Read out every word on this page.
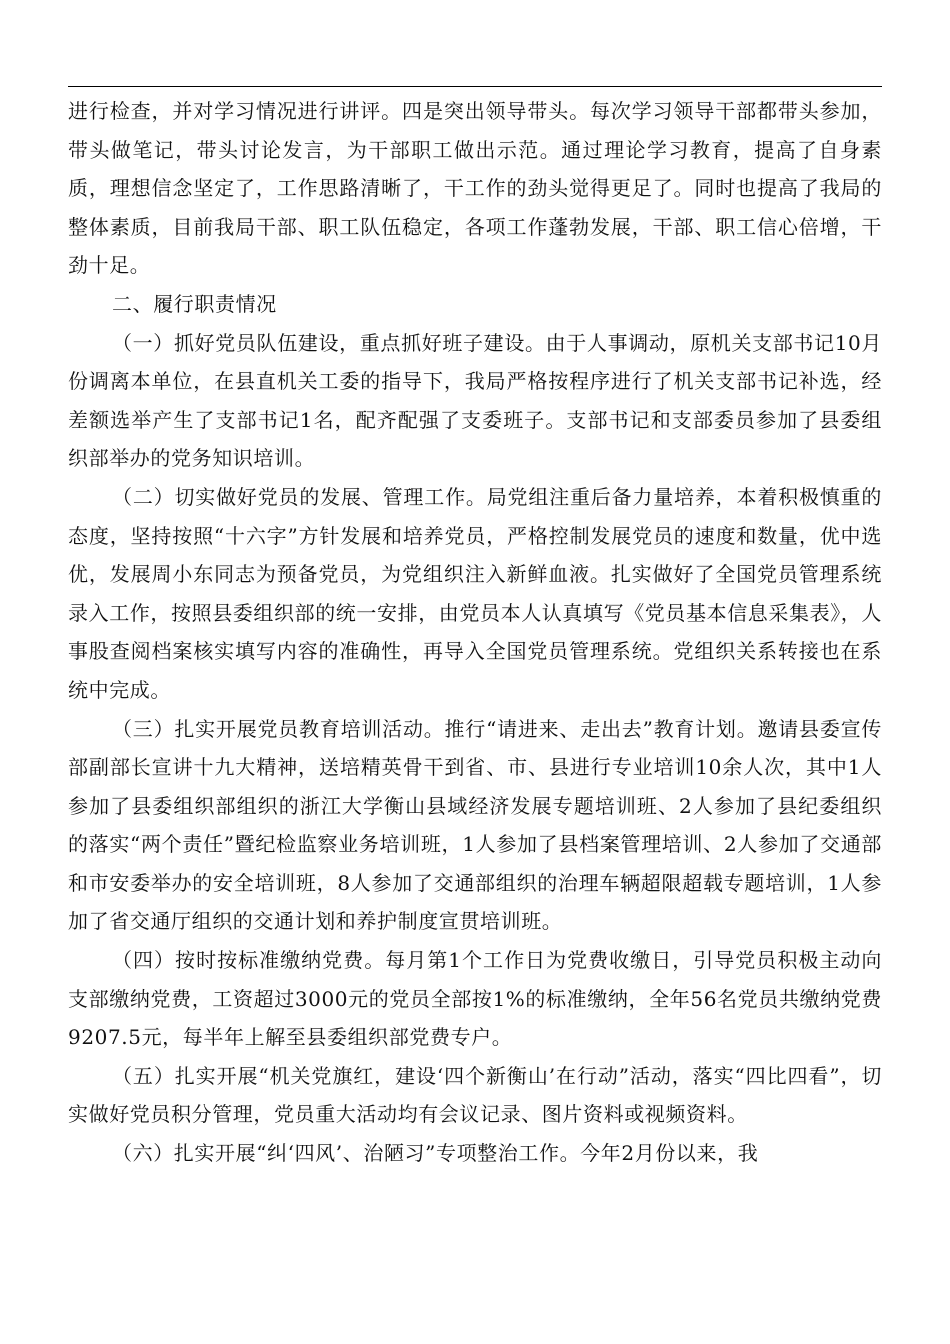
进行检查，并对学习情况进行讲评。四是突出领导带头。每次学习领导干部都带头参加，带头做笔记，带头讨论发言，为干部职工做出示范。通过理论学习教育，提高了自身素质，理想信念坚定了，工作思路清晰了，干工作的劲头觉得更足了。同时也提高了我局的整体素质，目前我局干部、职工队伍稳定，各项工作蓬勃发展，干部、职工信心倍增，干劲十足。

二、履行职责情况

（一）抓好党员队伍建设，重点抓好班子建设。由于人事调动，原机关支部书记10月份调离本单位，在县直机关工委的指导下，我局严格按程序进行了机关支部书记补选，经差额选举产生了支部书记1名，配齐配强了支委班子。支部书记和支部委员参加了县委组织部举办的党务知识培训。

（二）切实做好党员的发展、管理工作。局党组注重后备力量培养，本着积极慎重的态度，坚持按照“十六字”方针发展和培养党员，严格控制发展党员的速度和数量，优中选优，发展周小东同志为预备党员，为党组织注入新鲜血液。扎实做好了全国党员管理系统录入工作，按照县委组织部的统一安排，由党员本人认真填写《党员基本信息采集表》，人事股查阅档案核实填写内容的准确性，再导入全国党员管理系统。党组织关系转接也在系统中完成。

（三）扎实开展党员教育培训活动。推行“请进来、走出去”教育计划。邀请县委宣传部副部长宣讲十九大精神，送培精英骨干到省、市、县进行专业培训10余人次，其中1人参加了县委组织部组织的浙江大学衡山县域经济发展专题培训班、2人参加了县纪委组织的落实“两个责任”暨纪检监察业务培训班，1人参加了县档案管理培训、2人参加了交通部和市安委举办的安全培训班，8人参加了交通部组织的治理车辆超限超载专题培训，1人参加了省交通厅组织的交通计划和养护制度宣贯培训班。

（四）按时按标准缴纳党费。每月第1个工作日为党费收缴日，引导党员积极主动向支部缴纳党费，工资超过3000元的党员全部按1%的标准缴纳，全年56名党员共缴纳党费9207.5元，每半年上解至县委组织部党费专户。

（五）扎实开展“机关党旗红，建设‘四个新衡山’在行动”活动，落实“四比四看”，切实做好党员积分管理，党员重大活动均有会议记录、图片资料或视频资料。

（六）扎实开展“纠‘四风’、治陋习”专项整治工作。今年2月份以来，我
